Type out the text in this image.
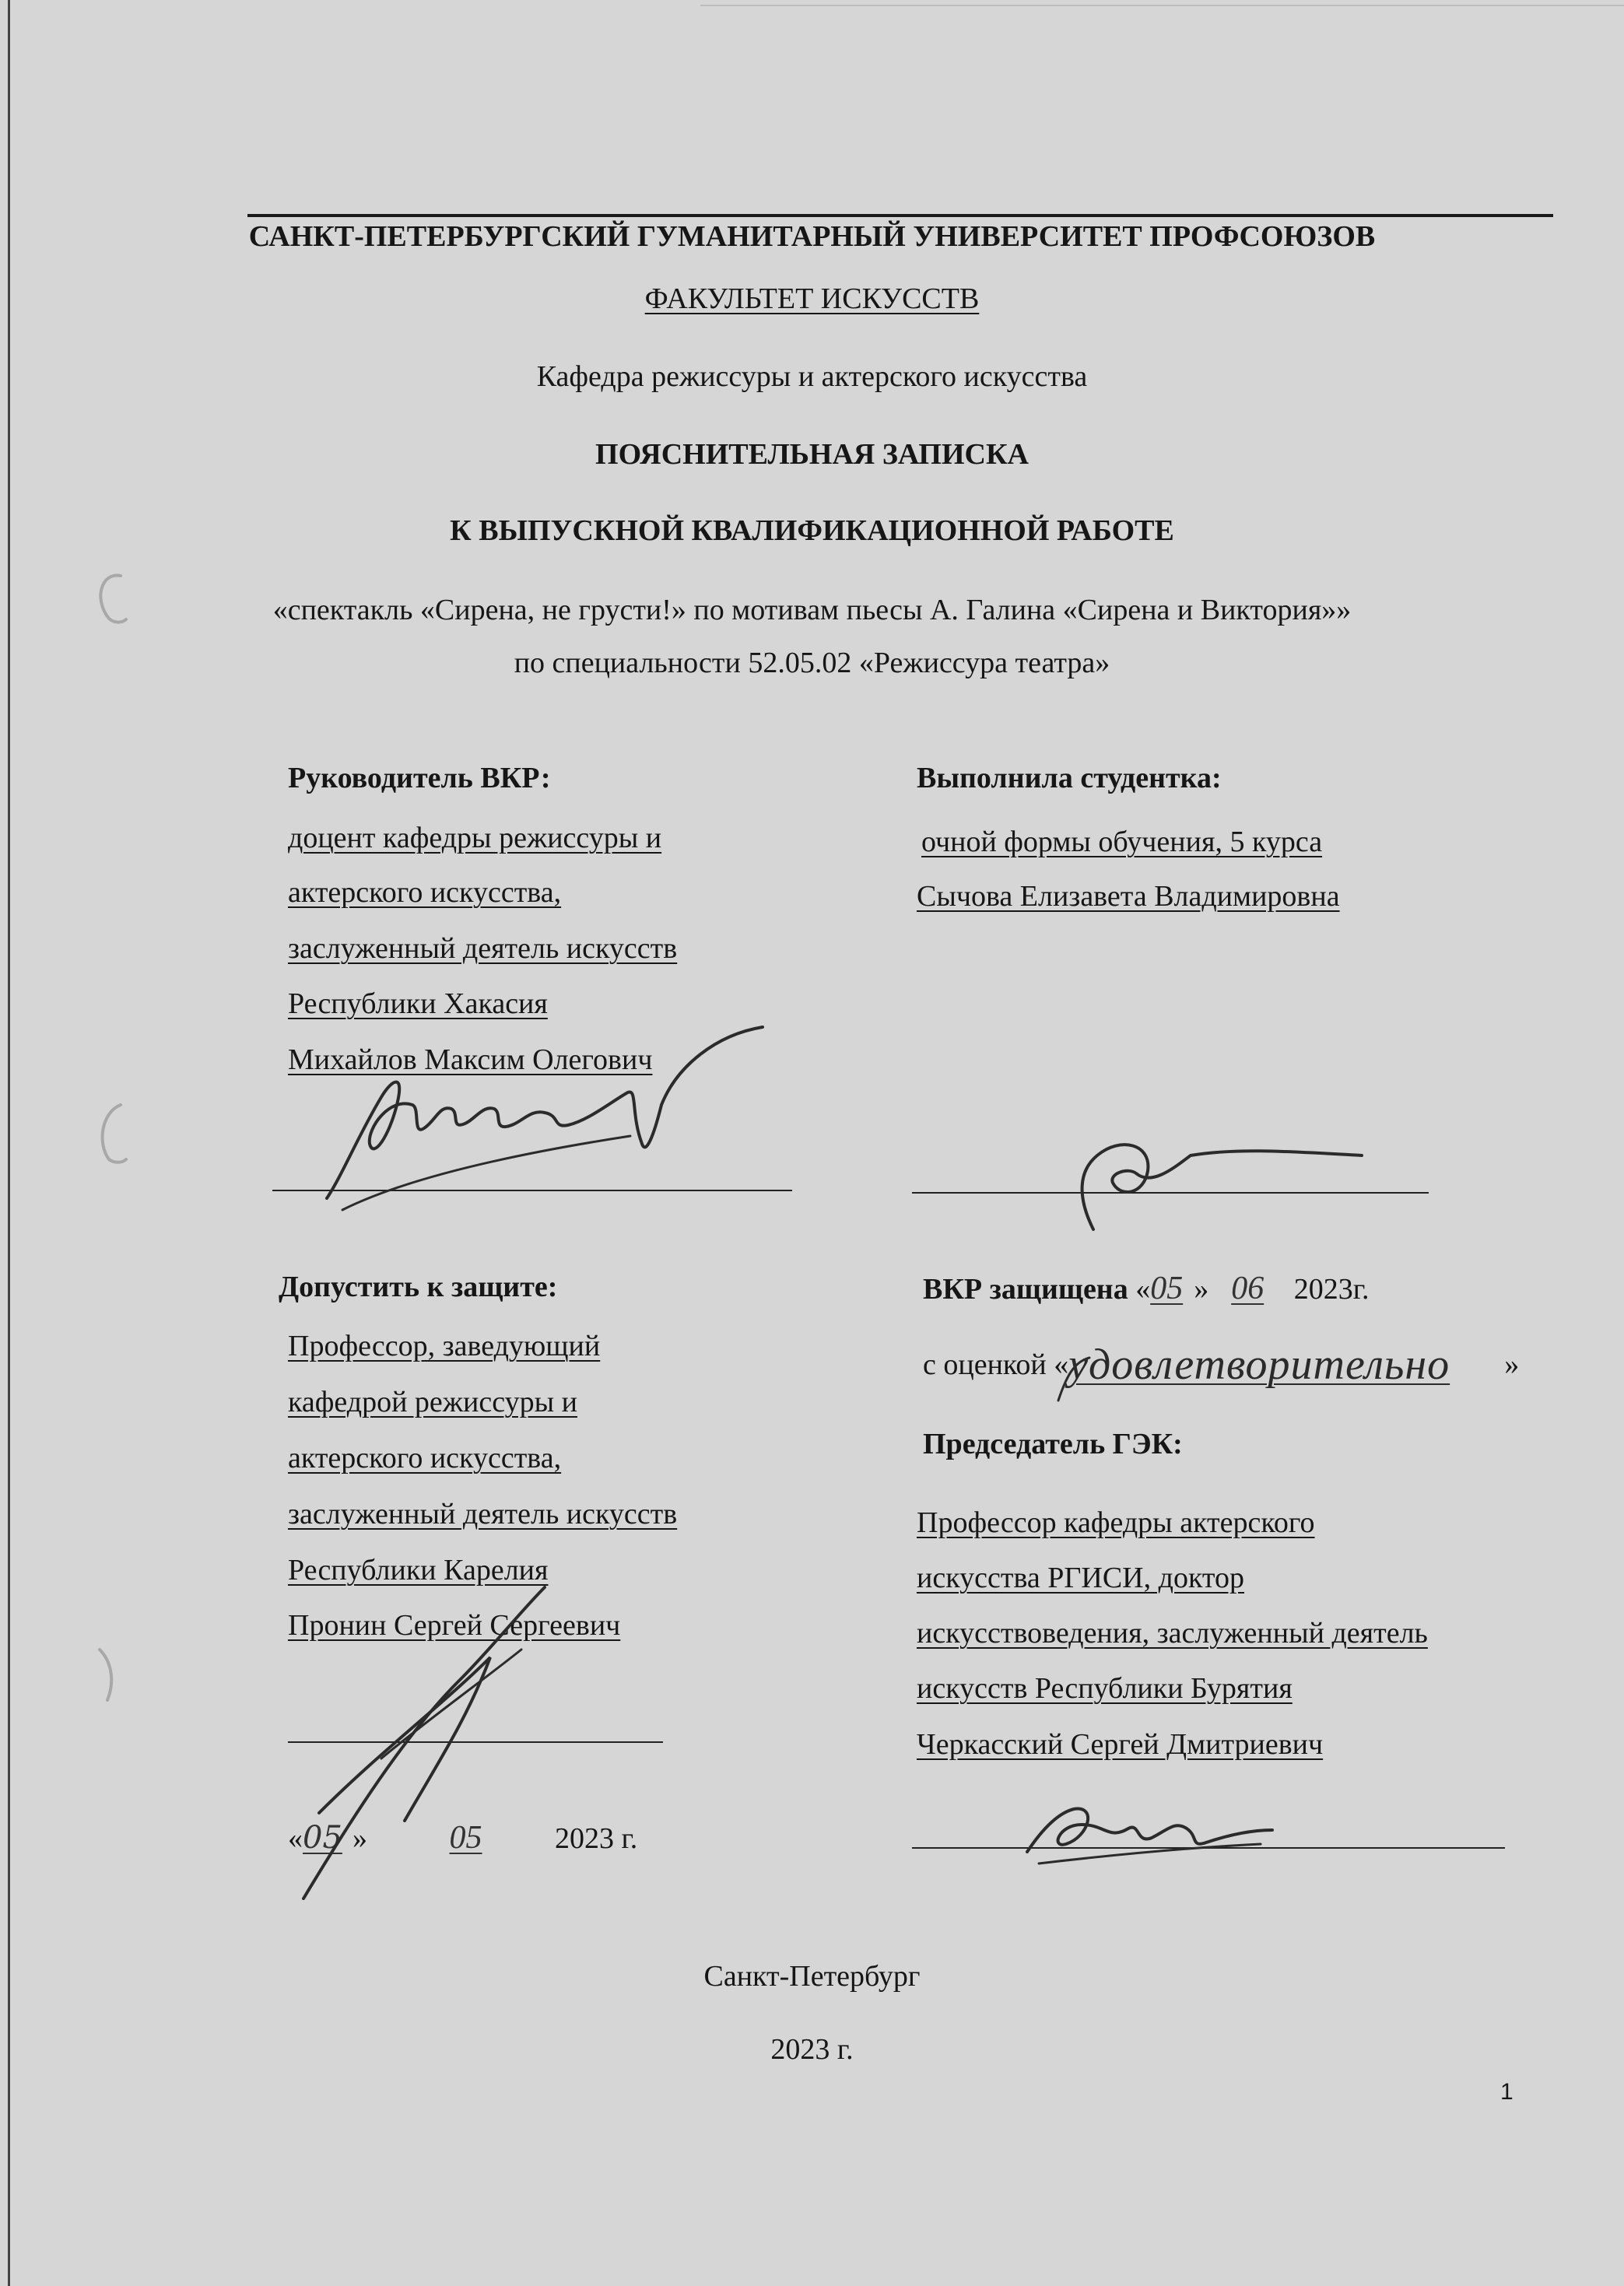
САНКТ-ПЕТЕРБУРГСКИЙ ГУМАНИТАРНЫЙ УНИВЕРСИТЕТ ПРОФСОЮЗОВ
ФАКУЛЬТЕТ ИСКУССТВ
Кафедра режиссуры и актерского искусства
ПОЯСНИТЕЛЬНАЯ ЗАПИСКА
К ВЫПУСКНОЙ КВАЛИФИКАЦИОННОЙ РАБОТЕ
«спектакль «Сирена, не грусти!» по мотивам пьесы А. Галина «Сирена и Виктория»»
по специальности 52.05.02 «Режиссура театра»
Руководитель ВКР:
доцент кафедры режиссуры и
актерского искусства,
заслуженный деятель искусств
Республики Хакасия
Михайлов Максим Олегович
Выполнила студентка:
очной формы обучения, 5 курса
Сычова Елизавета Владимировна
Допустить к защите:
Профессор, заведующий
кафедрой режиссуры и
актерского искусства,
заслуженный деятель искусств
Республики Карелия
Пронин Сергей Сергеевич
«05 »	05 2023 г.
ВКР защищена «05 » 06 2023г.
с оценкой «удовлетворительно »
Председатель ГЭК:
Профессор кафедры актерского
искусства РГИСИ, доктор
искусствоведения, заслуженный деятель
искусств Республики Бурятия
Черкасский Сергей Дмитриевич
Санкт-Петербург
2023 г.
1
